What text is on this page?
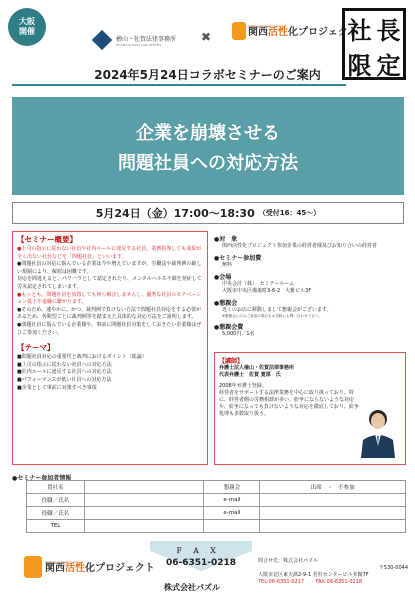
大阪
開催
檜山・佐賀法律事務所
HIYAMA & SAGA LAW OFFICES
✖
KANSAI Activation Project
関西活性化プロジェクト
社 長
限 定
2024年5月24日コラボセミナーのご案内
企業を崩壊させる
問題社員への対応方法
5月24日（金）17:00〜18:30 （受付16：45〜）
【セミナー概要】
●上司の指示に従わない社員や社内ルールに違反する社員、業務指導しても成果が全く出ない社員などを「問題社員」といいます。
●問題社員の対応に悩んでいる企業は今や増えていますが、労働法や裁判例の厳しい規制により、解雇は困難です。
対応を間違えると、パワハラとして認定されたり、メンタルヘルス不調を発症して労災認定されてしまいます。
●もっとも、問題社員を放置しても何ら解決しませんし、優秀な社員のモチベーション低下や退職に繋がります。
●そのため、速やかに、かつ、裁判例で負けない方法で問題社員対応をする必要があるため、各類型ごとに裁判例等を踏まえた具体的な対応方法をご説明します。
●問題社員に悩んでいる企業様や、事前に問題社員対策をしておきたい企業様はぜひご参加ください。
【テーマ】
■問題社員対応の重要性と裁判におけるポイント（総論）
■上司の指示に従わない社員への対応方法
■社内ルールに違反する社員への対応方法
■パフォーマンスが低い社員への対応方法
■企業として事前に対策すべき事項
●対　象
関西活性化プロジェクト参加企業の経営者様及びお知り合いの経営者
●セミナー参加費
無料
●会場
中央会計（株）　セミナールーム
大阪市中央区備後町3-6-2　大雅ビル3F
●懇親会
近くのお店に移動しまして懇親会がございます。
※懇親会にのみご参加の場合もお気軽にお問い合わせ下さい。
●懇親会費
5,000円／1名
【講師】
弁護士法人檜山・佐賀法律事務所
代表弁護士　佐賀 寛厚　氏
2008年弁護士登録。
経営者をサポートする法律業務を中心に取り扱っており、特に、経営者側の労務相談が多い。紛争にならないような対応や、紛争になっても負けないような対応を徹底しており、紛争処理も多数取り扱う。
●セミナー参加者情報
貴社名		懇親会	出席　・　不参加
役職／氏名		e-mail	
役職／氏名		e-mail	
TEL			
ＦＡＸ
06-6351-0218
株式会社パズル
KANSAI Activation Project
関西活性化プロジェクト
問合せ先：株式会社パズル
〒530-0044
大阪市北区東天満2-9-1 若杉センタービル本館7F
TEL:06-6351-0217 FAX:06-6351-0218
